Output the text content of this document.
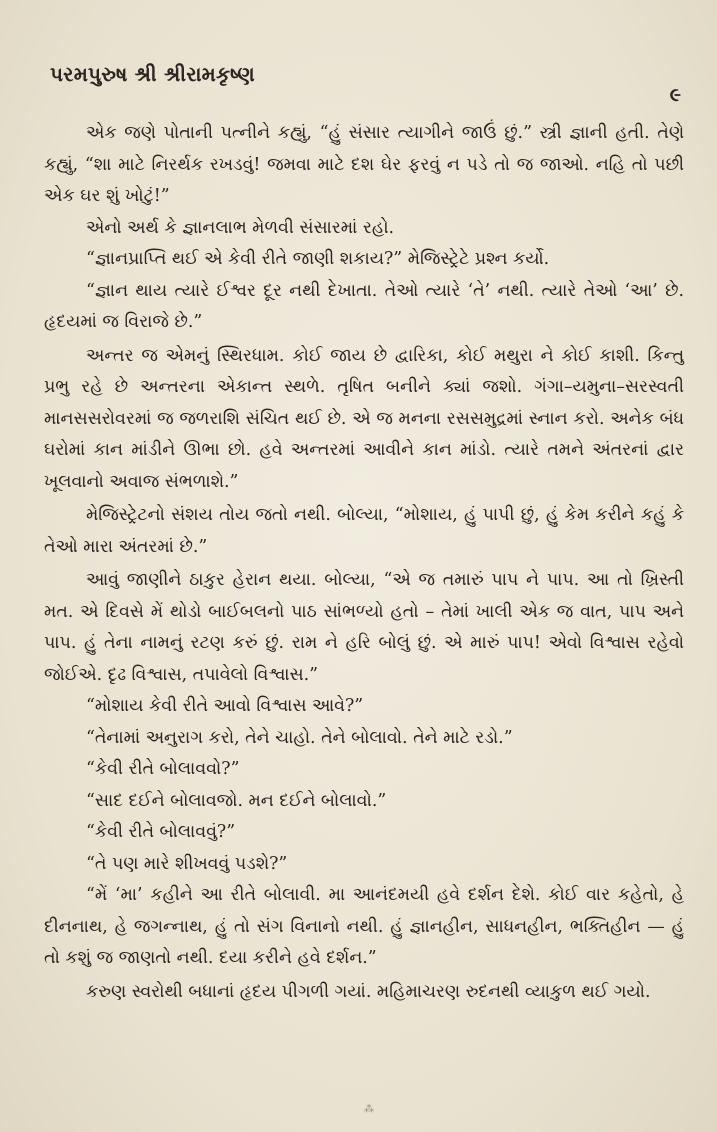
પરમપુરુષ શ્રી શ્રીરામકૃષ્ણ
૯

એક જણે પોતાની પત્નીને કહ્યું, “હું સંસાર ત્યાગીને જાઉં છું.” સ્ત્રી જ્ઞાની હતી. તેણે કહ્યું, “શા માટે નિરર્થક રખડવું! જમવા માટે દશ ઘેર ફરવું ન પડે તો જ જાઓ. નહિ તો પછી એક ઘર શું ખોટું!”

એનો અર્થ કે જ્ઞાનલાભ મેળવી સંસારમાં રહો.

“જ્ઞાનપ્રાપ્તિ થઈ એ કેવી રીતે જાણી શકાય?” મેજિસ્ટ્રેટે પ્રશ્ન કર્યો.

“જ્ઞાન થાય ત્યારે ઈશ્વર દૂર નથી દેખાતા. તેઓ ત્યારે ‘તે’ નથી. ત્યારે તેઓ ‘આ’ છે. હૃદયમાં જ વિરાજે છે.”

અન્તર જ એમનું સ્થિરધામ. કોઈ જાય છે દ્વારિકા, કોઈ મથુરા ને કોઈ કાશી. કિન્તુ પ્રભુ રહે છે અન્તરના એકાન્ત સ્થળે. તૃષિત બનીને ક્યાં જશો. ગંગા–યમુના–સરસ્વતી માનસસરોવરમાં જ જળરાશિ સંચિત થઈ છે. એ જ મનના રસસમુદ્રમાં સ્નાન કરો. અનેક બંધ ઘરોમાં કાન માંડીને ઊભા છો. હવે અન્તરમાં આવીને કાન માંડો. ત્યારે તમને અંતરનાં દ્વાર ખૂલવાનો અવાજ સંભળાશે.”

મેજિસ્ટ્રેટનો સંશય તોય જતો નથી. બોલ્યા, “મોશાય, હું પાપી છું, હું કેમ કરીને કહું કે તેઓ મારા અંતરમાં છે.”

આવું જાણીને ઠાકુર હેરાન થયા. બોલ્યા, “એ જ તમારું પાપ ને પાપ. આ તો ખ્રિસ્તી મત. એ દિવસે મેં થોડો બાઈબલનો પાઠ સાંભળ્યો હતો – તેમાં ખાલી એક જ વાત, પાપ અને પાપ. હું તેના નામનું રટણ કરું છું. રામ ને હરિ બોલું છું. એ મારું પાપ! એવો વિશ્વાસ રહેવો જોઈએ. દૃઢ વિશ્વાસ, તપાવેલો વિશ્વાસ.”

“મોશાય કેવી રીતે આવો વિશ્વાસ આવે?”

“તેનામાં અનુરાગ કરો, તેને ચાહો. તેને બોલાવો. તેને માટે રડો.”

“કેવી રીતે બોલાવવો?”

“સાદ દઈને બોલાવજો. મન દઈને બોલાવો.”

“કેવી રીતે બોલાવવું?”

“તે પણ મારે શીખવવું પડશે?”

“મેં ‘મા’ કહીને આ રીતે બોલાવી. મા આનંદમયી હવે દર્શન દેશે. કોઈ વાર કહેતો, હે દીનનાથ, હે જગન્નાથ, હું તો સંગ વિનાનો નથી. હું જ્ઞાનહીન, સાધનહીન, ભક્તિહીન — હું તો કશું જ જાણતો નથી. દયા કરીને હવે દર્શન.”

કરુણ સ્વરોથી બધાનાં હૃદય પીગળી ગયાં. મહિમાચરણ રુદનથી વ્યાકુળ થઈ ગયો.

⁂
